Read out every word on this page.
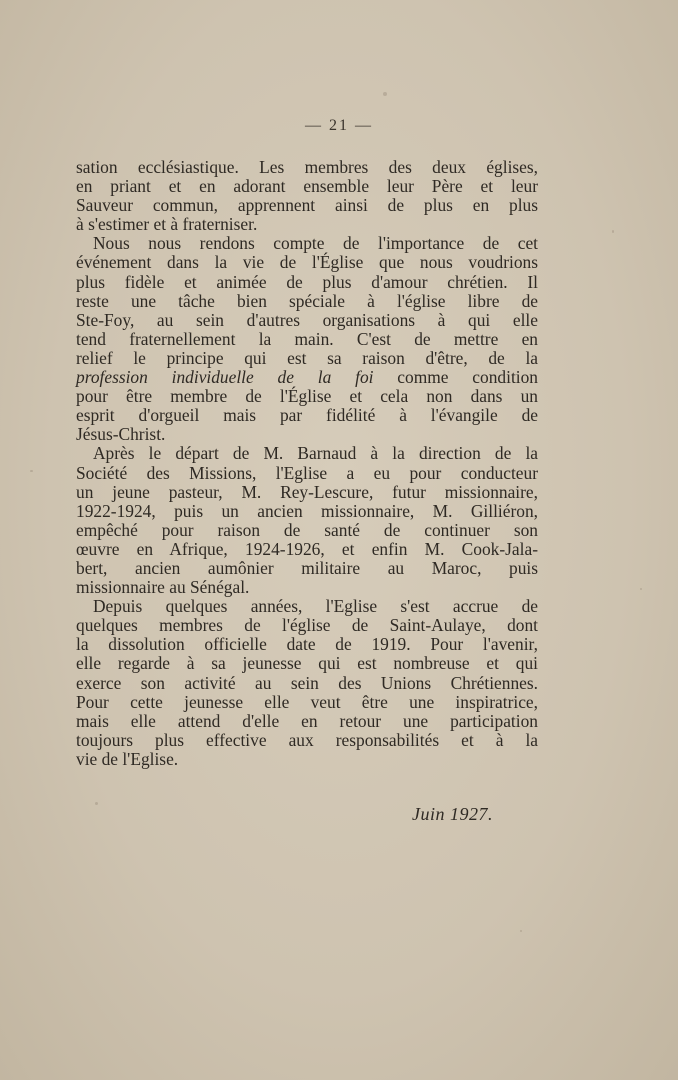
— 21 —

sation ecclésiastique. Les membres des deux églises,
en priant et en adorant ensemble leur Père et leur
Sauveur commun, apprennent ainsi de plus en plus
à s'estimer et à fraterniser.

Nous nous rendons compte de l'importance de cet
événement dans la vie de l'Église que nous voudrions
plus fidèle et animée de plus d'amour chrétien. Il
reste une tâche bien spéciale à l'église libre de
Ste-Foy, au sein d'autres organisations à qui elle
tend fraternellement la main. C'est de mettre en
relief le principe qui est sa raison d'être, de la
profession individuelle de la foi comme condition
pour être membre de l'Église et cela non dans un
esprit d'orgueil mais par fidélité à l'évangile de
Jésus-Christ.

Après le départ de M. Barnaud à la direction de la
Société des Missions, l'Eglise a eu pour conducteur
un jeune pasteur, M. Rey-Lescure, futur missionnaire,
1922-1924, puis un ancien missionnaire, M. Gilliéron,
empêché pour raison de santé de continuer son
œuvre en Afrique, 1924-1926, et enfin M. Cook-Jala-
bert, ancien aumônier militaire au Maroc, puis
missionnaire au Sénégal.

Depuis quelques années, l'Eglise s'est accrue de
quelques membres de l'église de Saint-Aulaye, dont
la dissolution officielle date de 1919. Pour l'avenir,
elle regarde à sa jeunesse qui est nombreuse et qui
exerce son activité au sein des Unions Chrétiennes.
Pour cette jeunesse elle veut être une inspiratrice,
mais elle attend d'elle en retour une participation
toujours plus effective aux responsabilités et à la
vie de l'Eglise.

Juin 1927.
